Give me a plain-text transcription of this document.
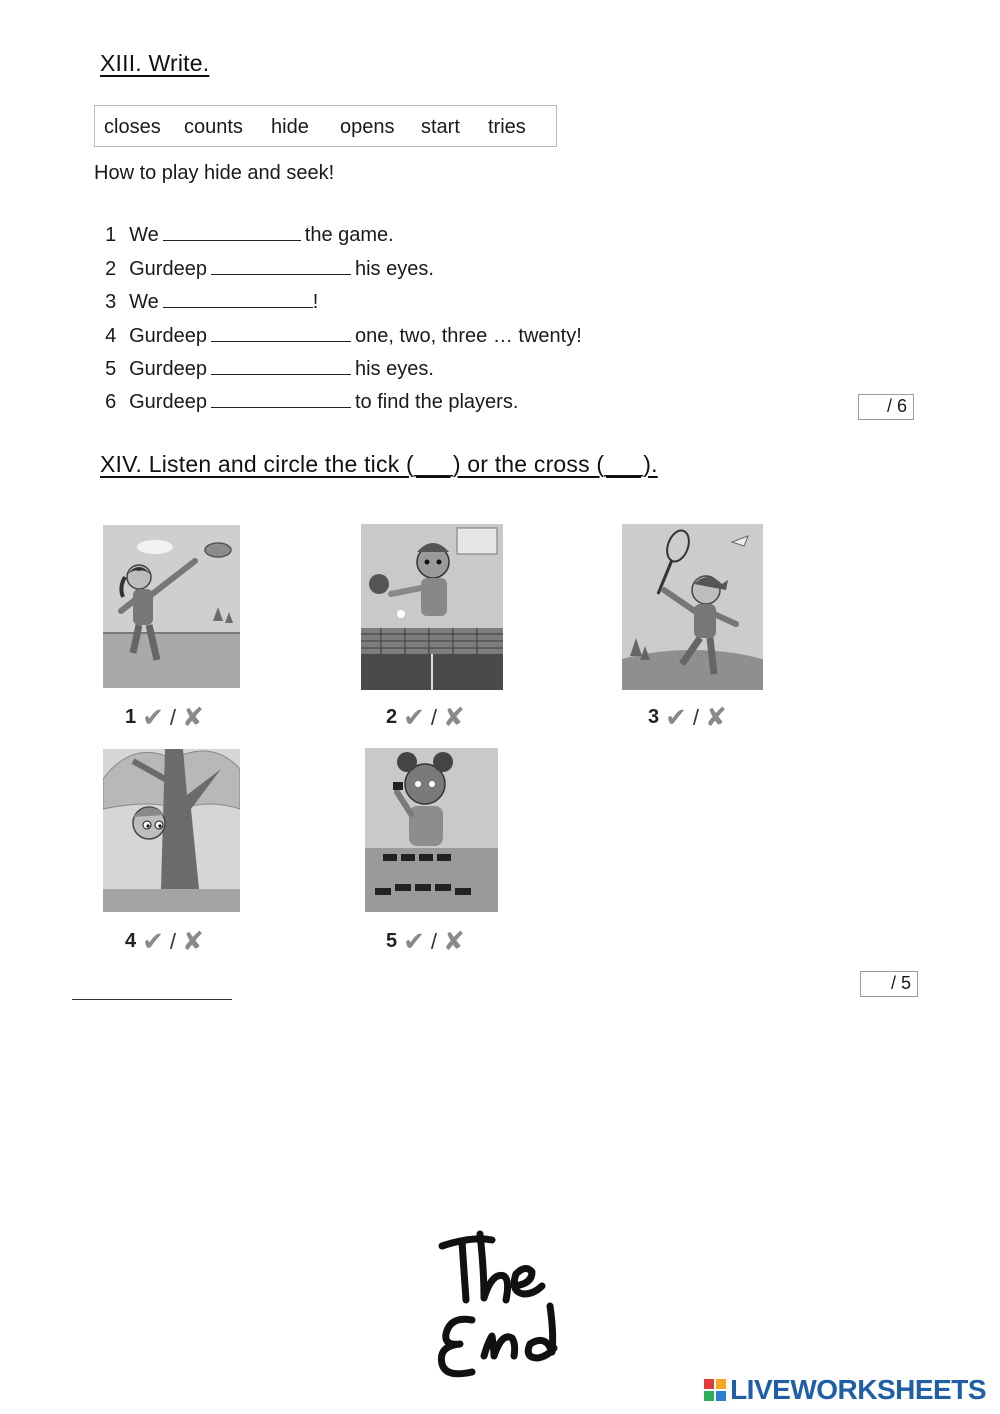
XIII. Write.
closes counts hide opens start tries
How to play hide and seek!

1 We	the game.

2 Gurdeep	his eyes.

3 We	!

4 Gurdeep	one, two, three … twenty!

5 Gurdeep	his eyes.

6 Gurdeep	to find the players.	/ 6
XIV. Listen and circle the tick (___) or the cross (___).
1 ✔ / ✘	2 ✔ / ✘	3 ✔ / ✘
4 ✔ / ✘	5 ✔ / ✘
/ 5
LIVEWORKSHEETS
